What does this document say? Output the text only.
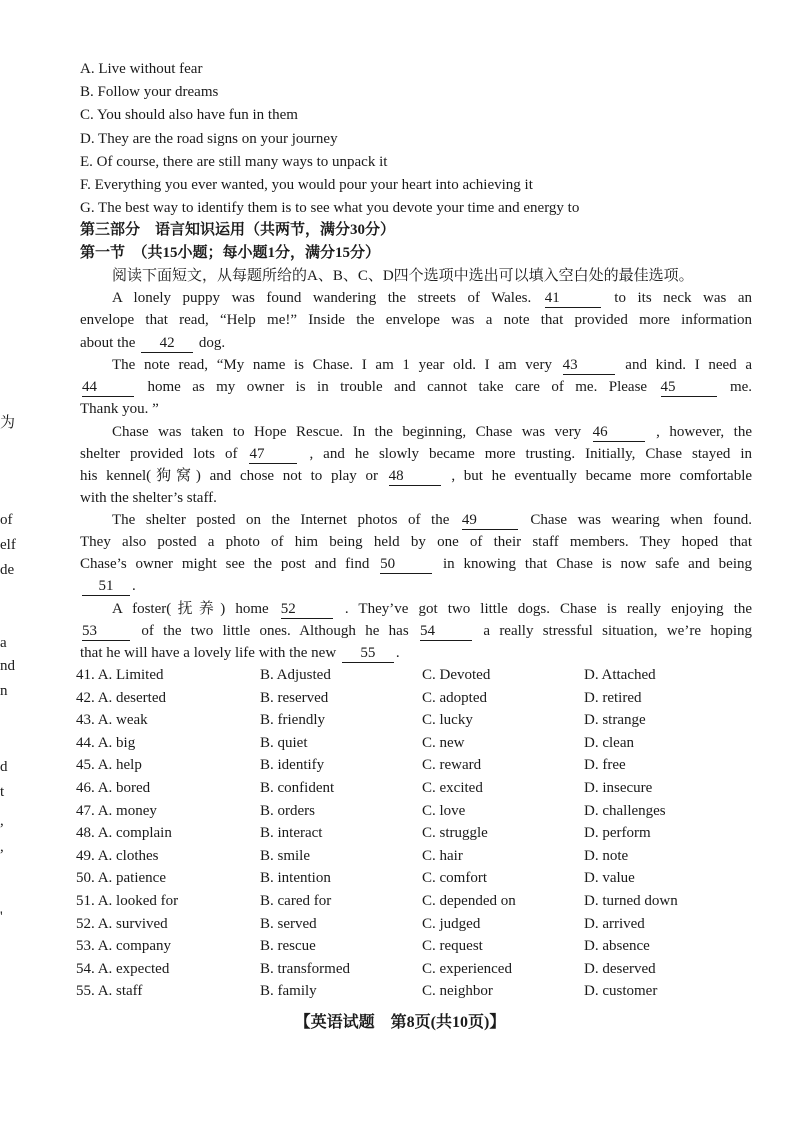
A. Live without fear
B. Follow your dreams
C. You should also have fun in them
D. They are the road signs on your journey
E. Of course, there are still many ways to unpack it
F. Everything you ever wanted, you would pour your heart into achieving it
G. The best way to identify them is to see what you devote your time and energy to
第三部分　语言知识运用（共两节，满分30分）
第一节　（共15小题；每小题1分，满分15分）
阅读下面短文，从每题所给的A、B、C、D四个选项中选出可以填入空白处的最佳选项。
A lonely puppy was found wandering the streets of Wales. 41	to its neck was an
envelope that read, “Help me!” Inside the envelope was a note that provided more information
about the 42 dog.
The note read, “My name is Chase. I am 1 year old. I am very 43	and kind. I need a
44	home as my owner is in trouble and cannot take care of me. Please 45	me.
Thank you. ”
Chase was taken to Hope Rescue. In the beginning, Chase was very 46	, however, the
shelter provided lots of 47	, and he slowly became more trusting. Initially, Chase stayed in
his kennel(狗窝) and chose not to play or 48	, but he eventually became more comfortable
with the shelter’s staff.
The shelter posted on the Internet photos of the 49	Chase was wearing when found.
They also posted a photo of him being held by one of their staff members. They hoped that
Chase’s owner might see the post and find 50	in knowing that Chase is now safe and being
51 .
A foster(抚养) home 52	. They’ve got two little dogs. Chase is really enjoying the
53	of the two little ones. Although he has 54	a really stressful situation, we’re hoping
that he will have a lovely life with the new 55 .
41. A. Limited	B. Adjusted	C. Devoted	D. Attached
42. A. deserted	B. reserved	C. adopted	D. retired
43. A. weak	B. friendly	C. lucky	D. strange
44. A. big	B. quiet	C. new	D. clean
45. A. help	B. identify	C. reward	D. free
46. A. bored	B. confident	C. excited	D. insecure
47. A. money	B. orders	C. love	D. challenges
48. A. complain	B. interact	C. struggle	D. perform
49. A. clothes	B. smile	C. hair	D. note
50. A. patience	B. intention	C. comfort	D. value
51. A. looked for	B. cared for	C. depended on	D. turned down
52. A. survived	B. served	C. judged	D. arrived
53. A. company	B. rescue	C. request	D. absence
54. A. expected	B. transformed	C. experienced	D. deserved
55. A. staff	B. family	C. neighbor	D. customer
为
of
elf
de
a
nd
n
d
t
,
,
'
【英语试题　第8页(共10页)】
